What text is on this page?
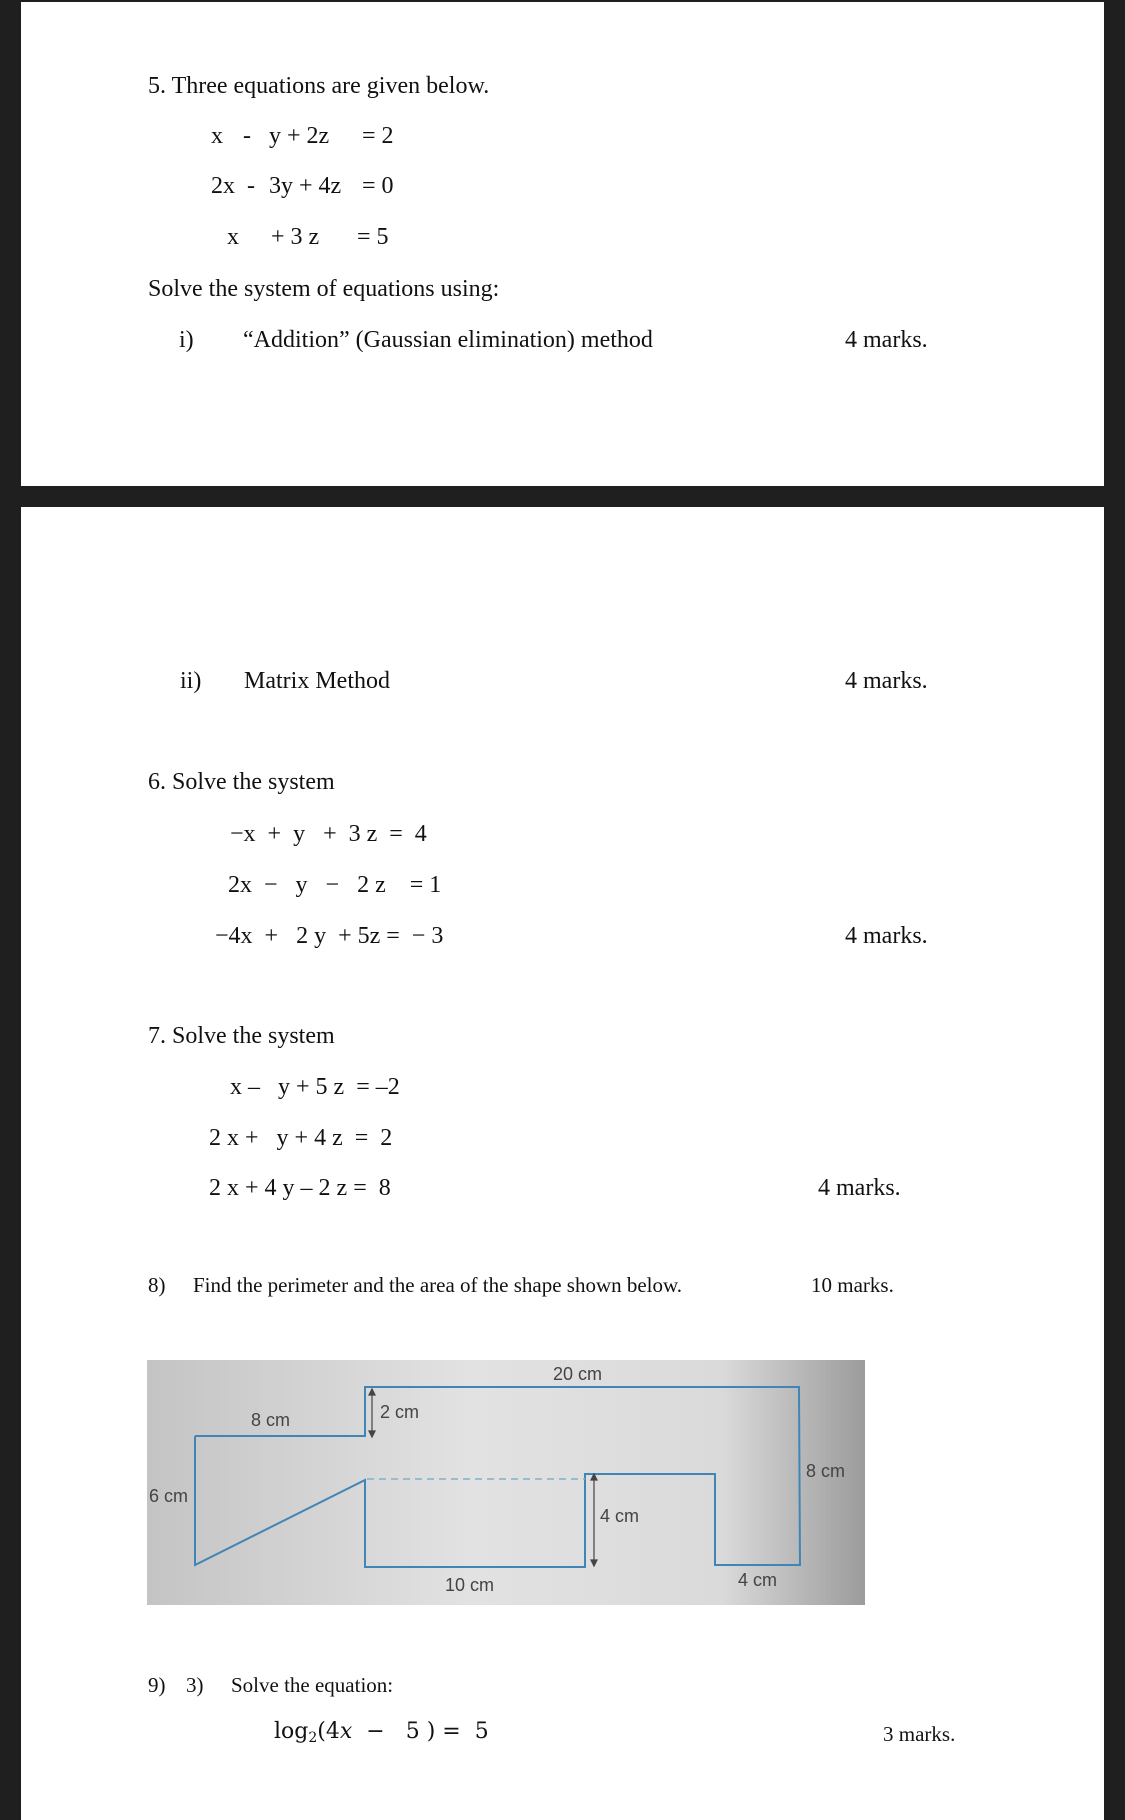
5. Three equations are given below.
x - y + 2z = 2
2x - 3y + 4z = 0
x + 3 z = 5
Solve the system of equations using:
i) “Addition” (Gaussian elimination) method	4 marks.
ii) Matrix Method	4 marks.
6. Solve the system
−x  +  y   +  3 z  =  4
2x  −   y   −   2 z    = 1
−4x  +   2 y  + 5z =  − 3	4 marks.
7. Solve the system
x –   y + 5 z  = –2
2 x +   y + 4 z  =  2
2 x + 4 y – 2 z =  8	4 marks.
8) Find the perimeter and the area of the shape shown below.	10 marks.
20 cm
8 cm	2 cm
6 cm
8 cm
4 cm
10 cm	4 cm
9) 3) Solve the equation:
$\log_2(4x - 5$ ) = 5	3 marks.
